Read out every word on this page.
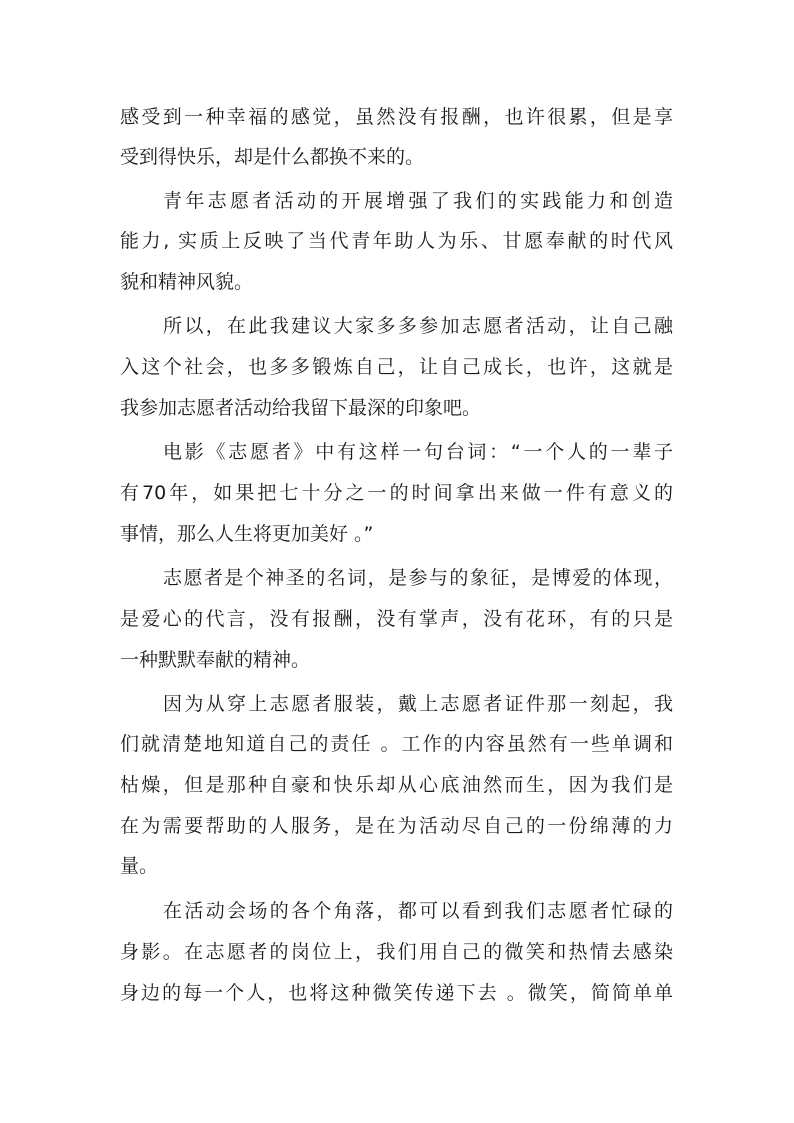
感受到一种幸福的感觉，虽然没有报酬，也许很累，但是享
受到得快乐，却是什么都换不来的。
青年志愿者活动的开展增强了我们的实践能力和创造
能力, 实质上反映了当代青年助人为乐、甘愿奉献的时代风
貌和精神风貌。
所以，在此我建议大家多多参加志愿者活动，让自己融
入这个社会，也多多锻炼自己，让自己成长，也许，这就是
我参加志愿者活动给我留下最深的印象吧。
电影《志愿者》中有这样一句台词：“一个人的一辈子
有70年，如果把七十分之一的时间拿出来做一件有意义的
事情，那么人生将更加美好 。”
志愿者是个神圣的名词，是参与的象征，是博爱的体现，
是爱心的代言，没有报酬，没有掌声，没有花环，有的只是
一种默默奉献的精神。
因为从穿上志愿者服装，戴上志愿者证件那一刻起，我
们就清楚地知道自己的责任 。工作的内容虽然有一些单调和
枯燥，但是那种自豪和快乐却从心底油然而生，因为我们是
在为需要帮助的人服务，是在为活动尽自己的一份绵薄的力
量。
在活动会场的各个角落，都可以看到我们志愿者忙碌的
身影。在志愿者的岗位上，我们用自己的微笑和热情去感染
身边的每一个人，也将这种微笑传递下去 。微笑，简简单单
